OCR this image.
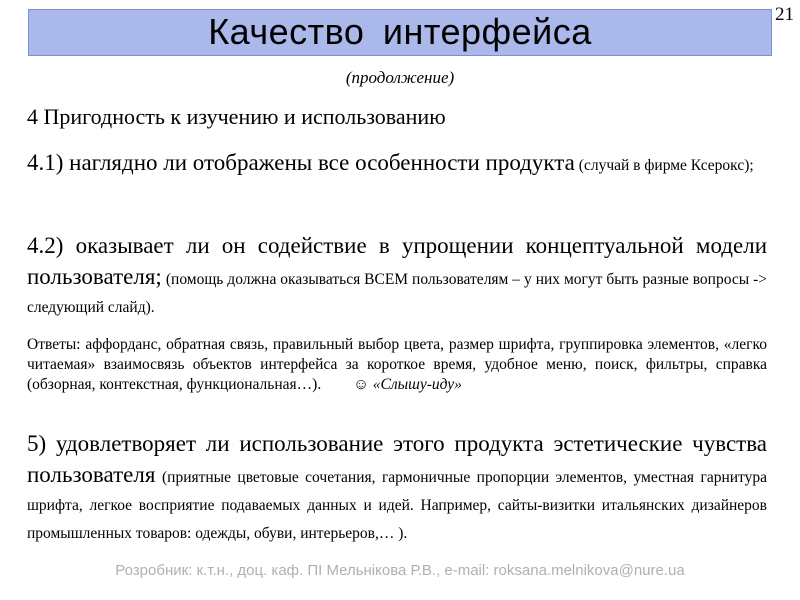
Качество интерфейса	21
(продолжение)
4 Пригодность к изучению и использованию
4.1) наглядно ли отображены все особенности продукта (случай в фирме Ксерокс);
4.2) оказывает ли он содействие в упрощении концептуальной модели пользователя; (помощь должна оказываться ВСЕМ пользователям – у них могут быть разные вопросы -> следующий слайд).
Ответы: аффорданс, обратная связь, правильный выбор цвета, размер шрифта, группировка элементов, «легко читаемая» взаимосвязь объектов интерфейса за короткое время, удобное меню, поиск, фильтры, справка (обзорная, контекстная, функциональная…). ☺ «Слышу-иду»
5) удовлетворяет ли использование этого продукта эстетические чувства пользователя (приятные цветовые сочетания, гармоничные пропорции элементов, уместная гарнитура шрифта, легкое восприятие подаваемых данных и идей. Например, сайты-визитки итальянских дизайнеров промышленных товаров: одежды, обуви, интерьеров,… ).
Розробник: к.т.н., доц. каф. ПІ Мельнікова Р.В., e-mail: roksana.melnikova@nure.ua
